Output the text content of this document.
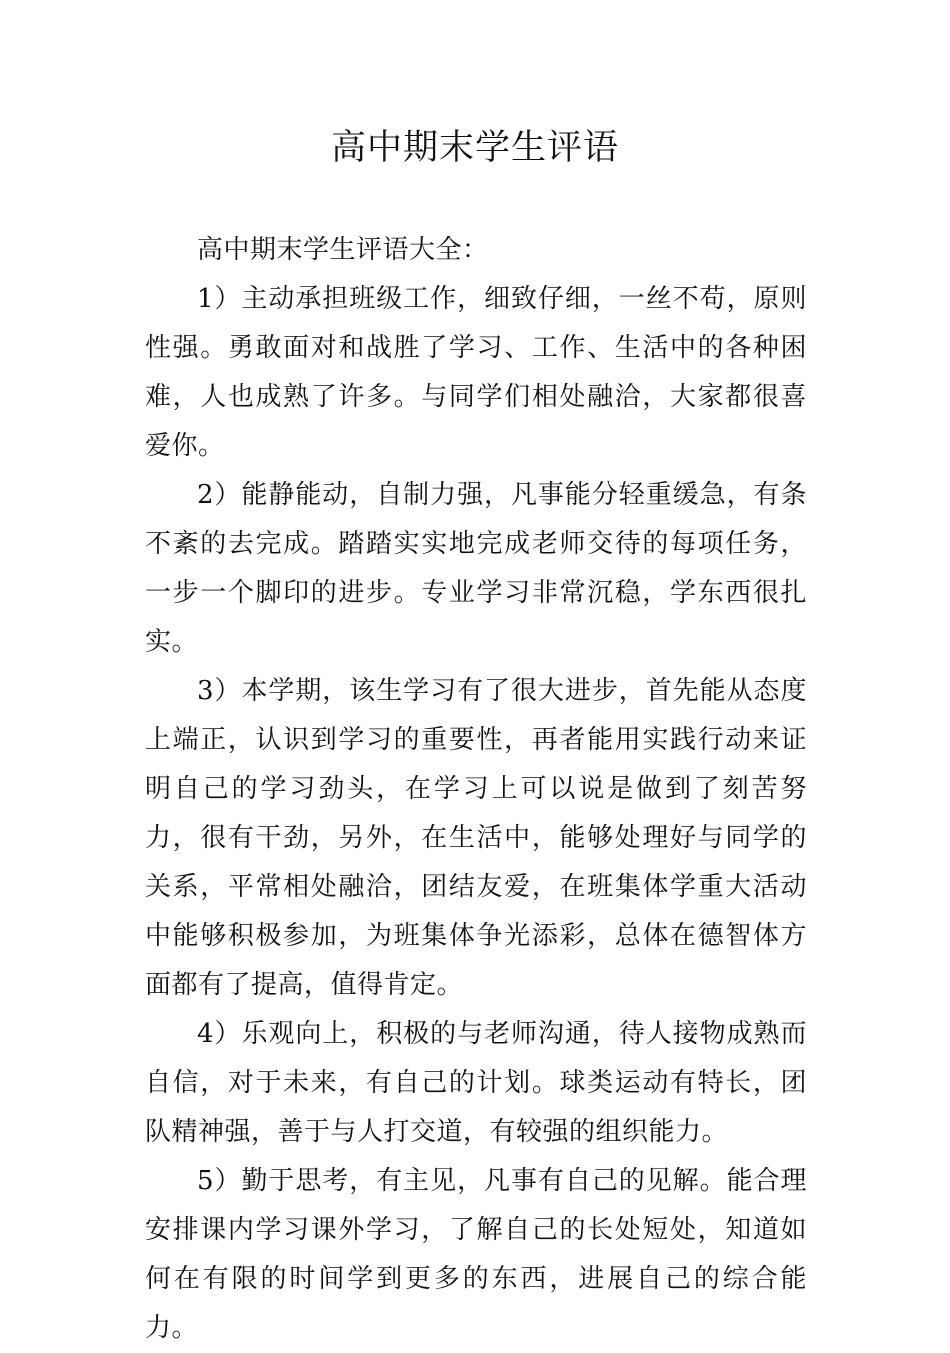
高中期末学生评语

高中期末学生评语大全：

1）主动承担班级工作，细致仔细，一丝不苟，原则性强。勇敢面对和战胜了学习、工作、生活中的各种困难，人也成熟了许多。与同学们相处融洽，大家都很喜爱你。

2）能静能动，自制力强，凡事能分轻重缓急，有条不紊的去完成。踏踏实实地完成老师交待的每项任务，一步一个脚印的进步。专业学习非常沉稳，学东西很扎实。

3）本学期，该生学习有了很大进步，首先能从态度上端正，认识到学习的重要性，再者能用实践行动来证明自己的学习劲头，在学习上可以说是做到了刻苦努力，很有干劲，另外，在生活中，能够处理好与同学的关系，平常相处融洽，团结友爱，在班集体学重大活动中能够积极参加，为班集体争光添彩，总体在德智体方面都有了提高，值得肯定。

4）乐观向上，积极的与老师沟通，待人接物成熟而自信，对于未来，有自己的计划。球类运动有特长，团队精神强，善于与人打交道，有较强的组织能力。

5）勤于思考，有主见，凡事有自己的见解。能合理安排课内学习课外学习，了解自己的长处短处，知道如何在有限的时间学到更多的东西，进展自己的综合能力。
